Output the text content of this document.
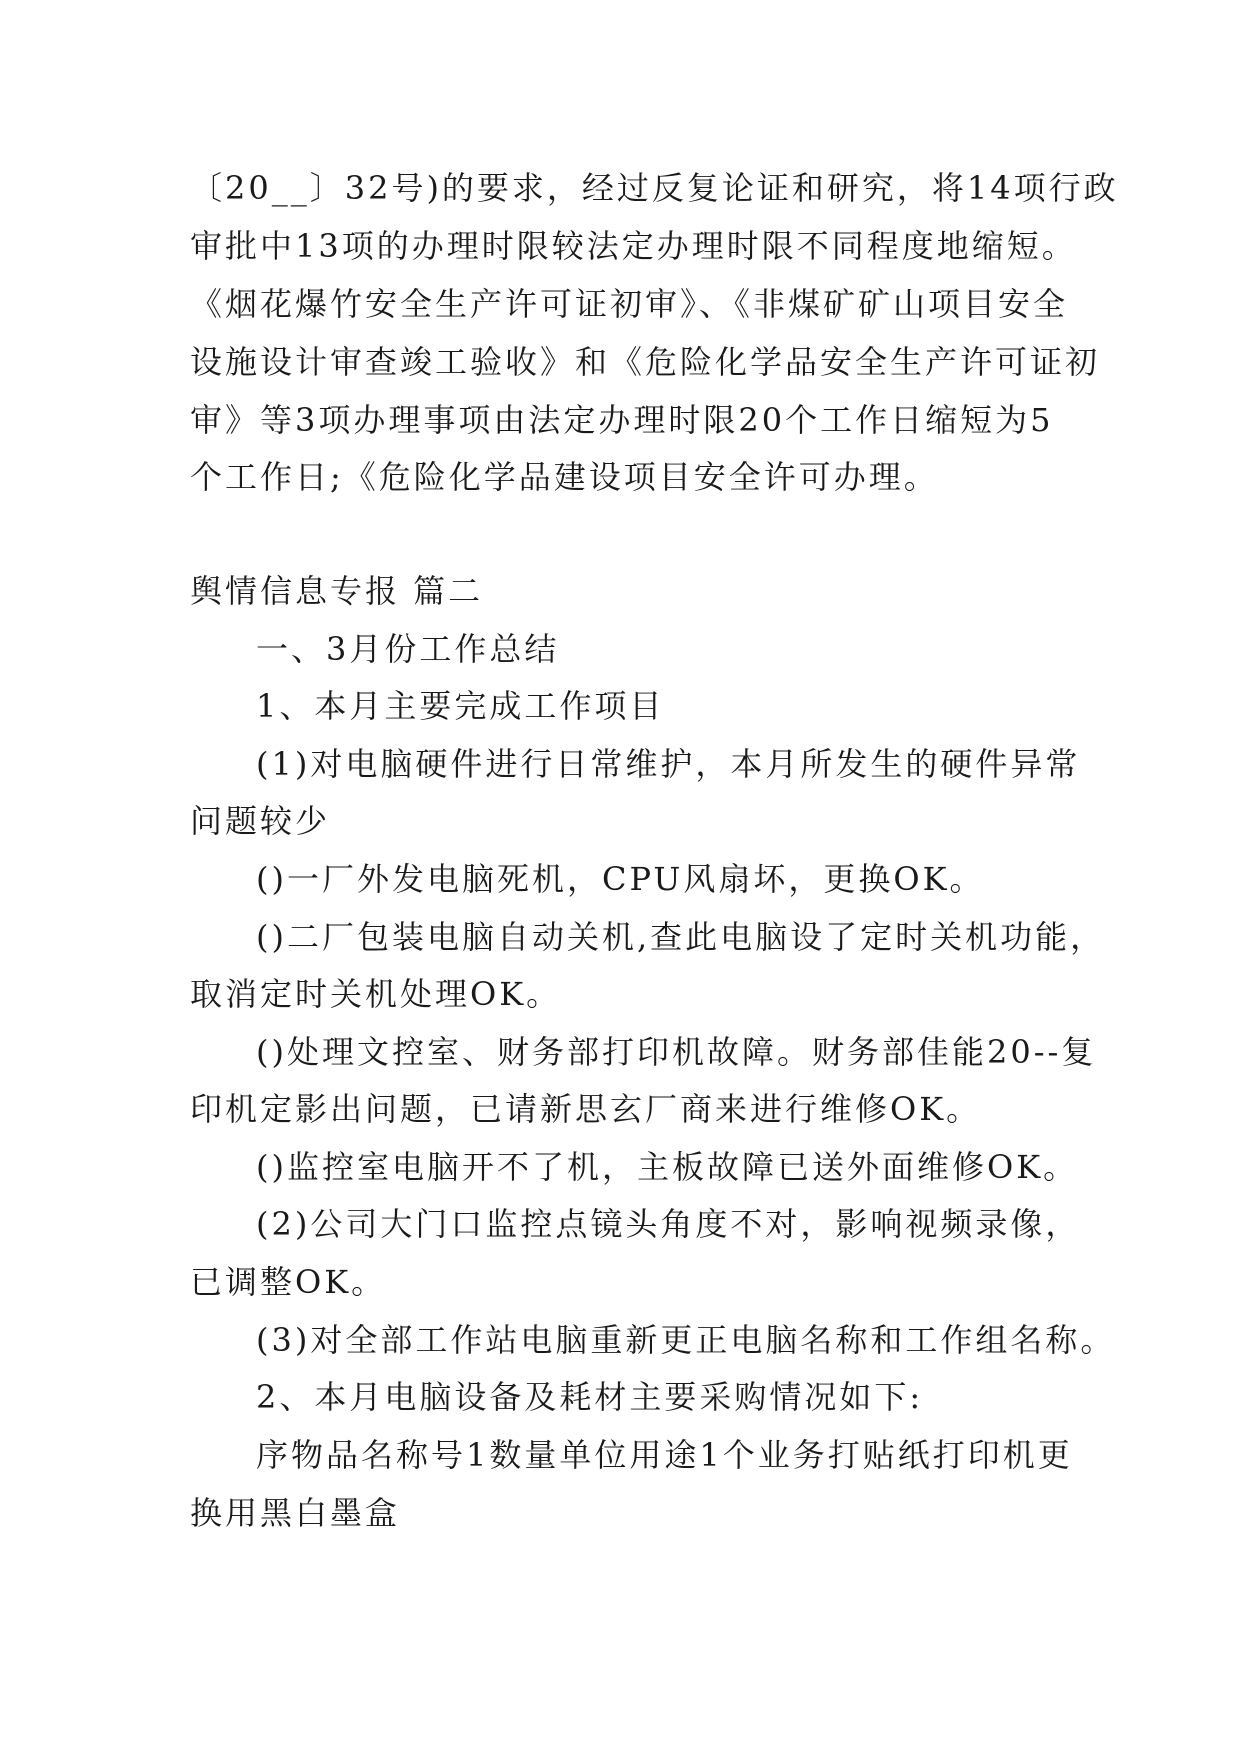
〔20__〕32号)的要求，经过反复论证和研究，将14项行政
审批中13项的办理时限较法定办理时限不同程度地缩短。
《烟花爆竹安全生产许可证初审》、《非煤矿矿山项目安全
设施设计审查竣工验收》和《危险化学品安全生产许可证初
审》等3项办理事项由法定办理时限20个工作日缩短为5
个工作日;《危险化学品建设项目安全许可办理。
舆情信息专报 篇二
一、3月份工作总结
1、本月主要完成工作项目
(1)对电脑硬件进行日常维护，本月所发生的硬件异常
问题较少
()一厂外发电脑死机，CPU风扇坏，更换OK。
()二厂包装电脑自动关机,查此电脑设了定时关机功能，
取消定时关机处理OK。
()处理文控室、财务部打印机故障。财务部佳能20--复
印机定影出问题，已请新思玄厂商来进行维修OK。
()监控室电脑开不了机，主板故障已送外面维修OK。
(2)公司大门口监控点镜头角度不对，影响视频录像，
已调整OK。
(3)对全部工作站电脑重新更正电脑名称和工作组名称。
2、本月电脑设备及耗材主要采购情况如下:
序物品名称号1数量单位用途1个业务打贴纸打印机更
换用黑白墨盒
